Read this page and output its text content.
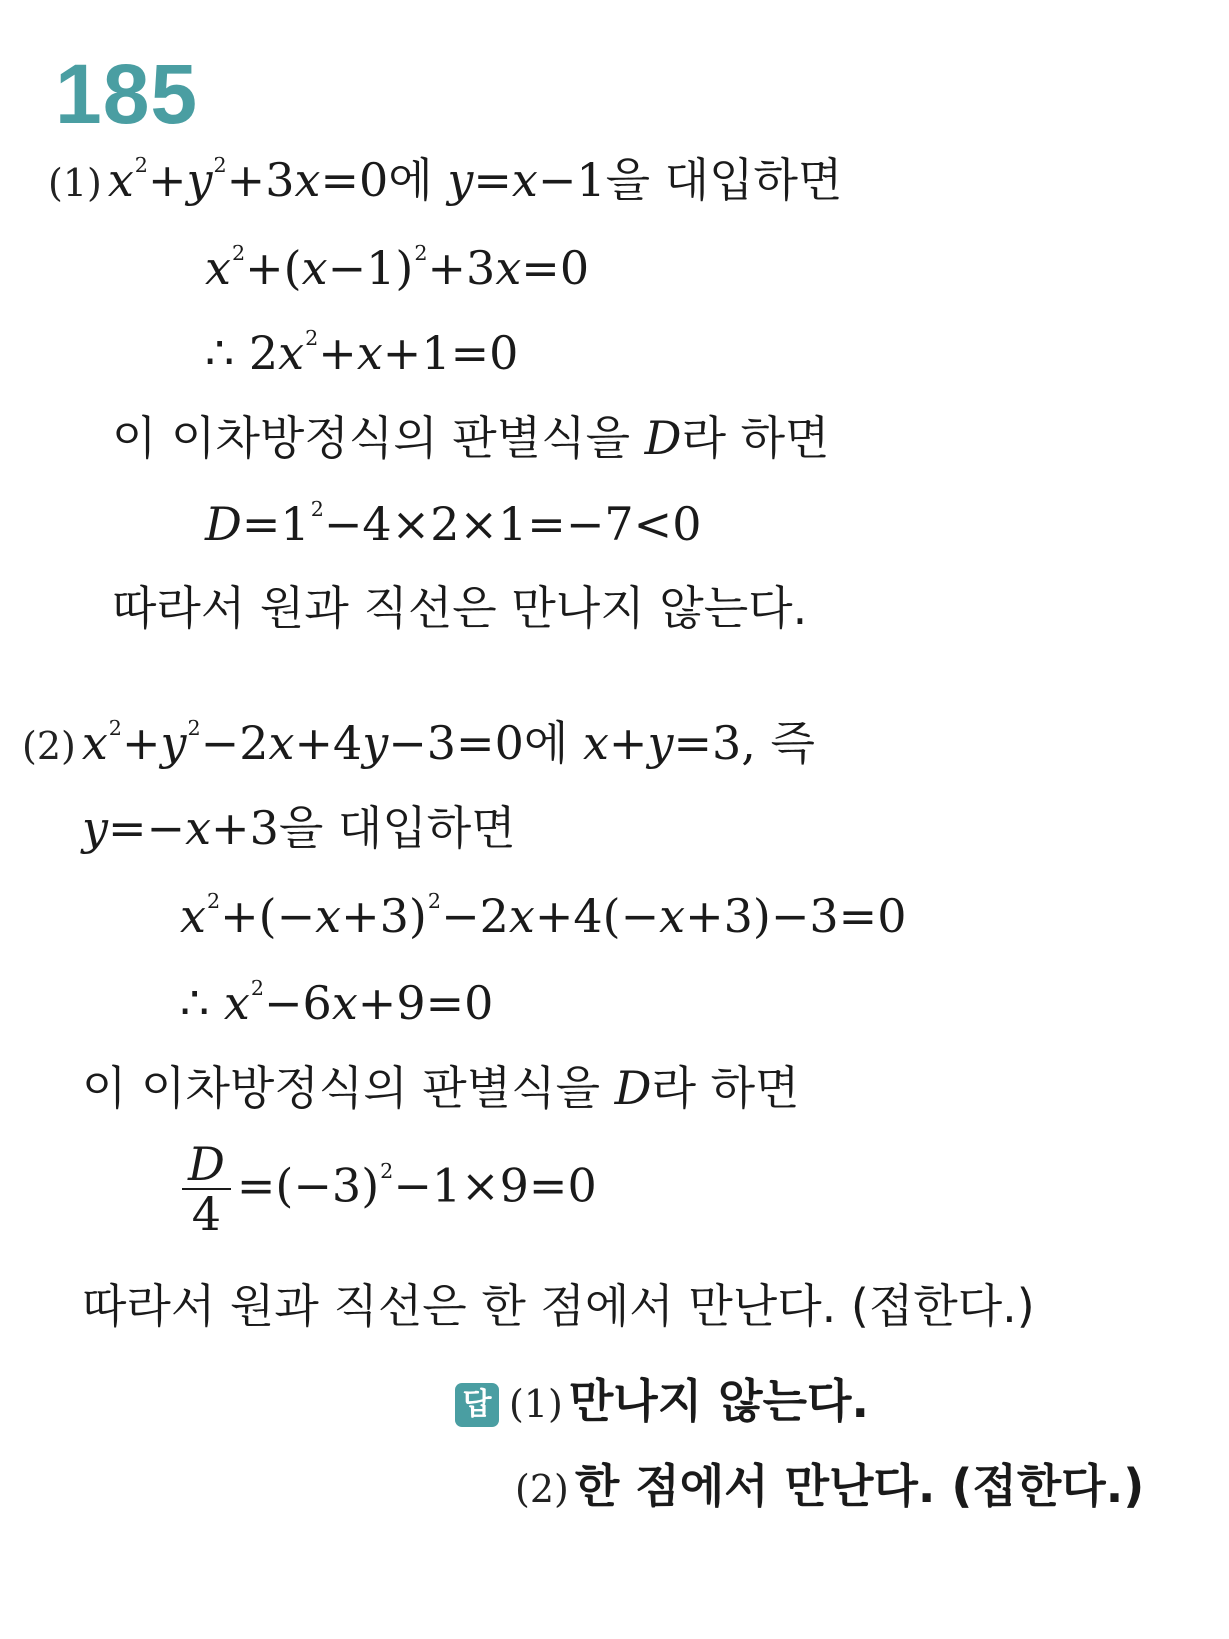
185
(1) $x^2+y^2+3x=0$에 y=x−1을 대입하면
$x^2+(x-1)^2+3x=0$
∴ $2x^2+x+1=0$
이 이차방정식의 판별식을 D라 하면
$D=1^2-4\times 2\times 1=-7<0$
따라서 원과 직선은 만나지 않는다.
(2) $x^2+y^2-2x+4y-3=0$에 x+y=3, 즉
y=−x+3을 대입하면
$x^2+(-x+3)^2-2x+4(-x+3)-3=0$
∴ $x^2-6x+9=0$
이 이차방정식의 판별식을 D라 하면
$\frac{D}{4} =(-3)^2-1\times 9=0$
따라서 원과 직선은 한 점에서 만난다. (접한다.)
답 (1) 만나지 않는다.
(2) 한 점에서 만난다. (접한다.)
